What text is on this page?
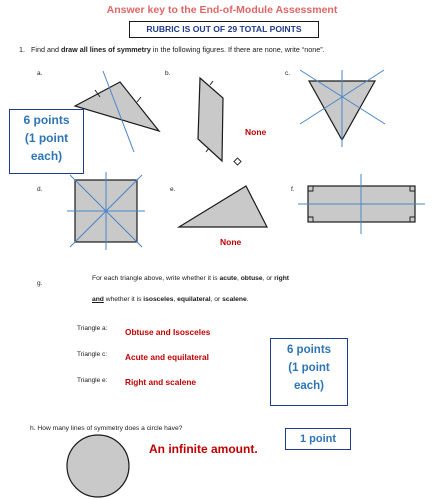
Answer key to the End-of-Module Assessment
RUBRIC IS OUT OF 29 TOTAL POINTS
1. Find and draw all lines of symmetry in the following figures. If there are none, write “none”.
a.	b.	c.
d.	e.	f.
None
None
6 points
(1 point
each)
g.
For each triangle above, write whether it is acute, obtuse, or right
and whether it is isosceles, equilateral, or scalene.
Triangle a: Obtuse and Isosceles
Triangle c: Acute and equilateral
Triangle e: Right and scalene
6 points
(1 point
each)
h. How many lines of symmetry does a circle have?
An infinite amount.
1 point
